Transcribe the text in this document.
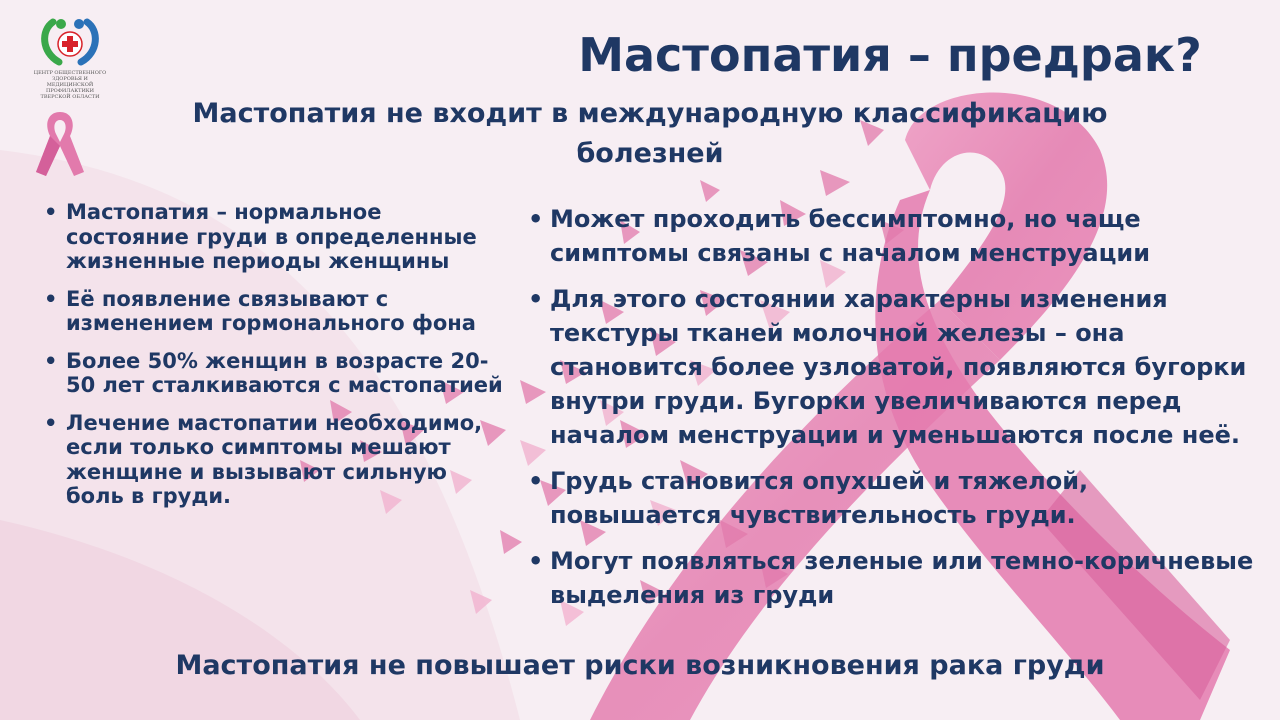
ЦЕНТР ОБЩЕСТВЕННОГО ЗДОРОВЬЯ И
МЕДИЦИНСКОЙ ПРОФИЛАКТИКИ
ТВЕРСКОЙ ОБЛАСТИ
Мастопатия – предрак?
Мастопатия не входит в международную классификацию болезней
• Мастопатия – нормальное состояние груди в определенные жизненные периоды женщины
• Её появление связывают с изменением гормонального фона
• Более 50% женщин в возрасте 20-50 лет сталкиваются с мастопатией
• Лечение мастопатии необходимо, если только симптомы мешают женщине и вызывают сильную боль в груди.
• Может проходить бессимптомно, но чаще симптомы связаны с началом менструации
• Для этого состоянии характерны изменения текстуры тканей молочной железы – она становится более узловатой, появляются бугорки внутри груди. Бугорки увеличиваются перед началом менструации и уменьшаются после неё.
• Грудь становится опухшей и тяжелой, повышается чувствительность груди.
• Могут появляться зеленые или темно-коричневые выделения из груди

Мастопатия не повышает риски возникновения рака груди
